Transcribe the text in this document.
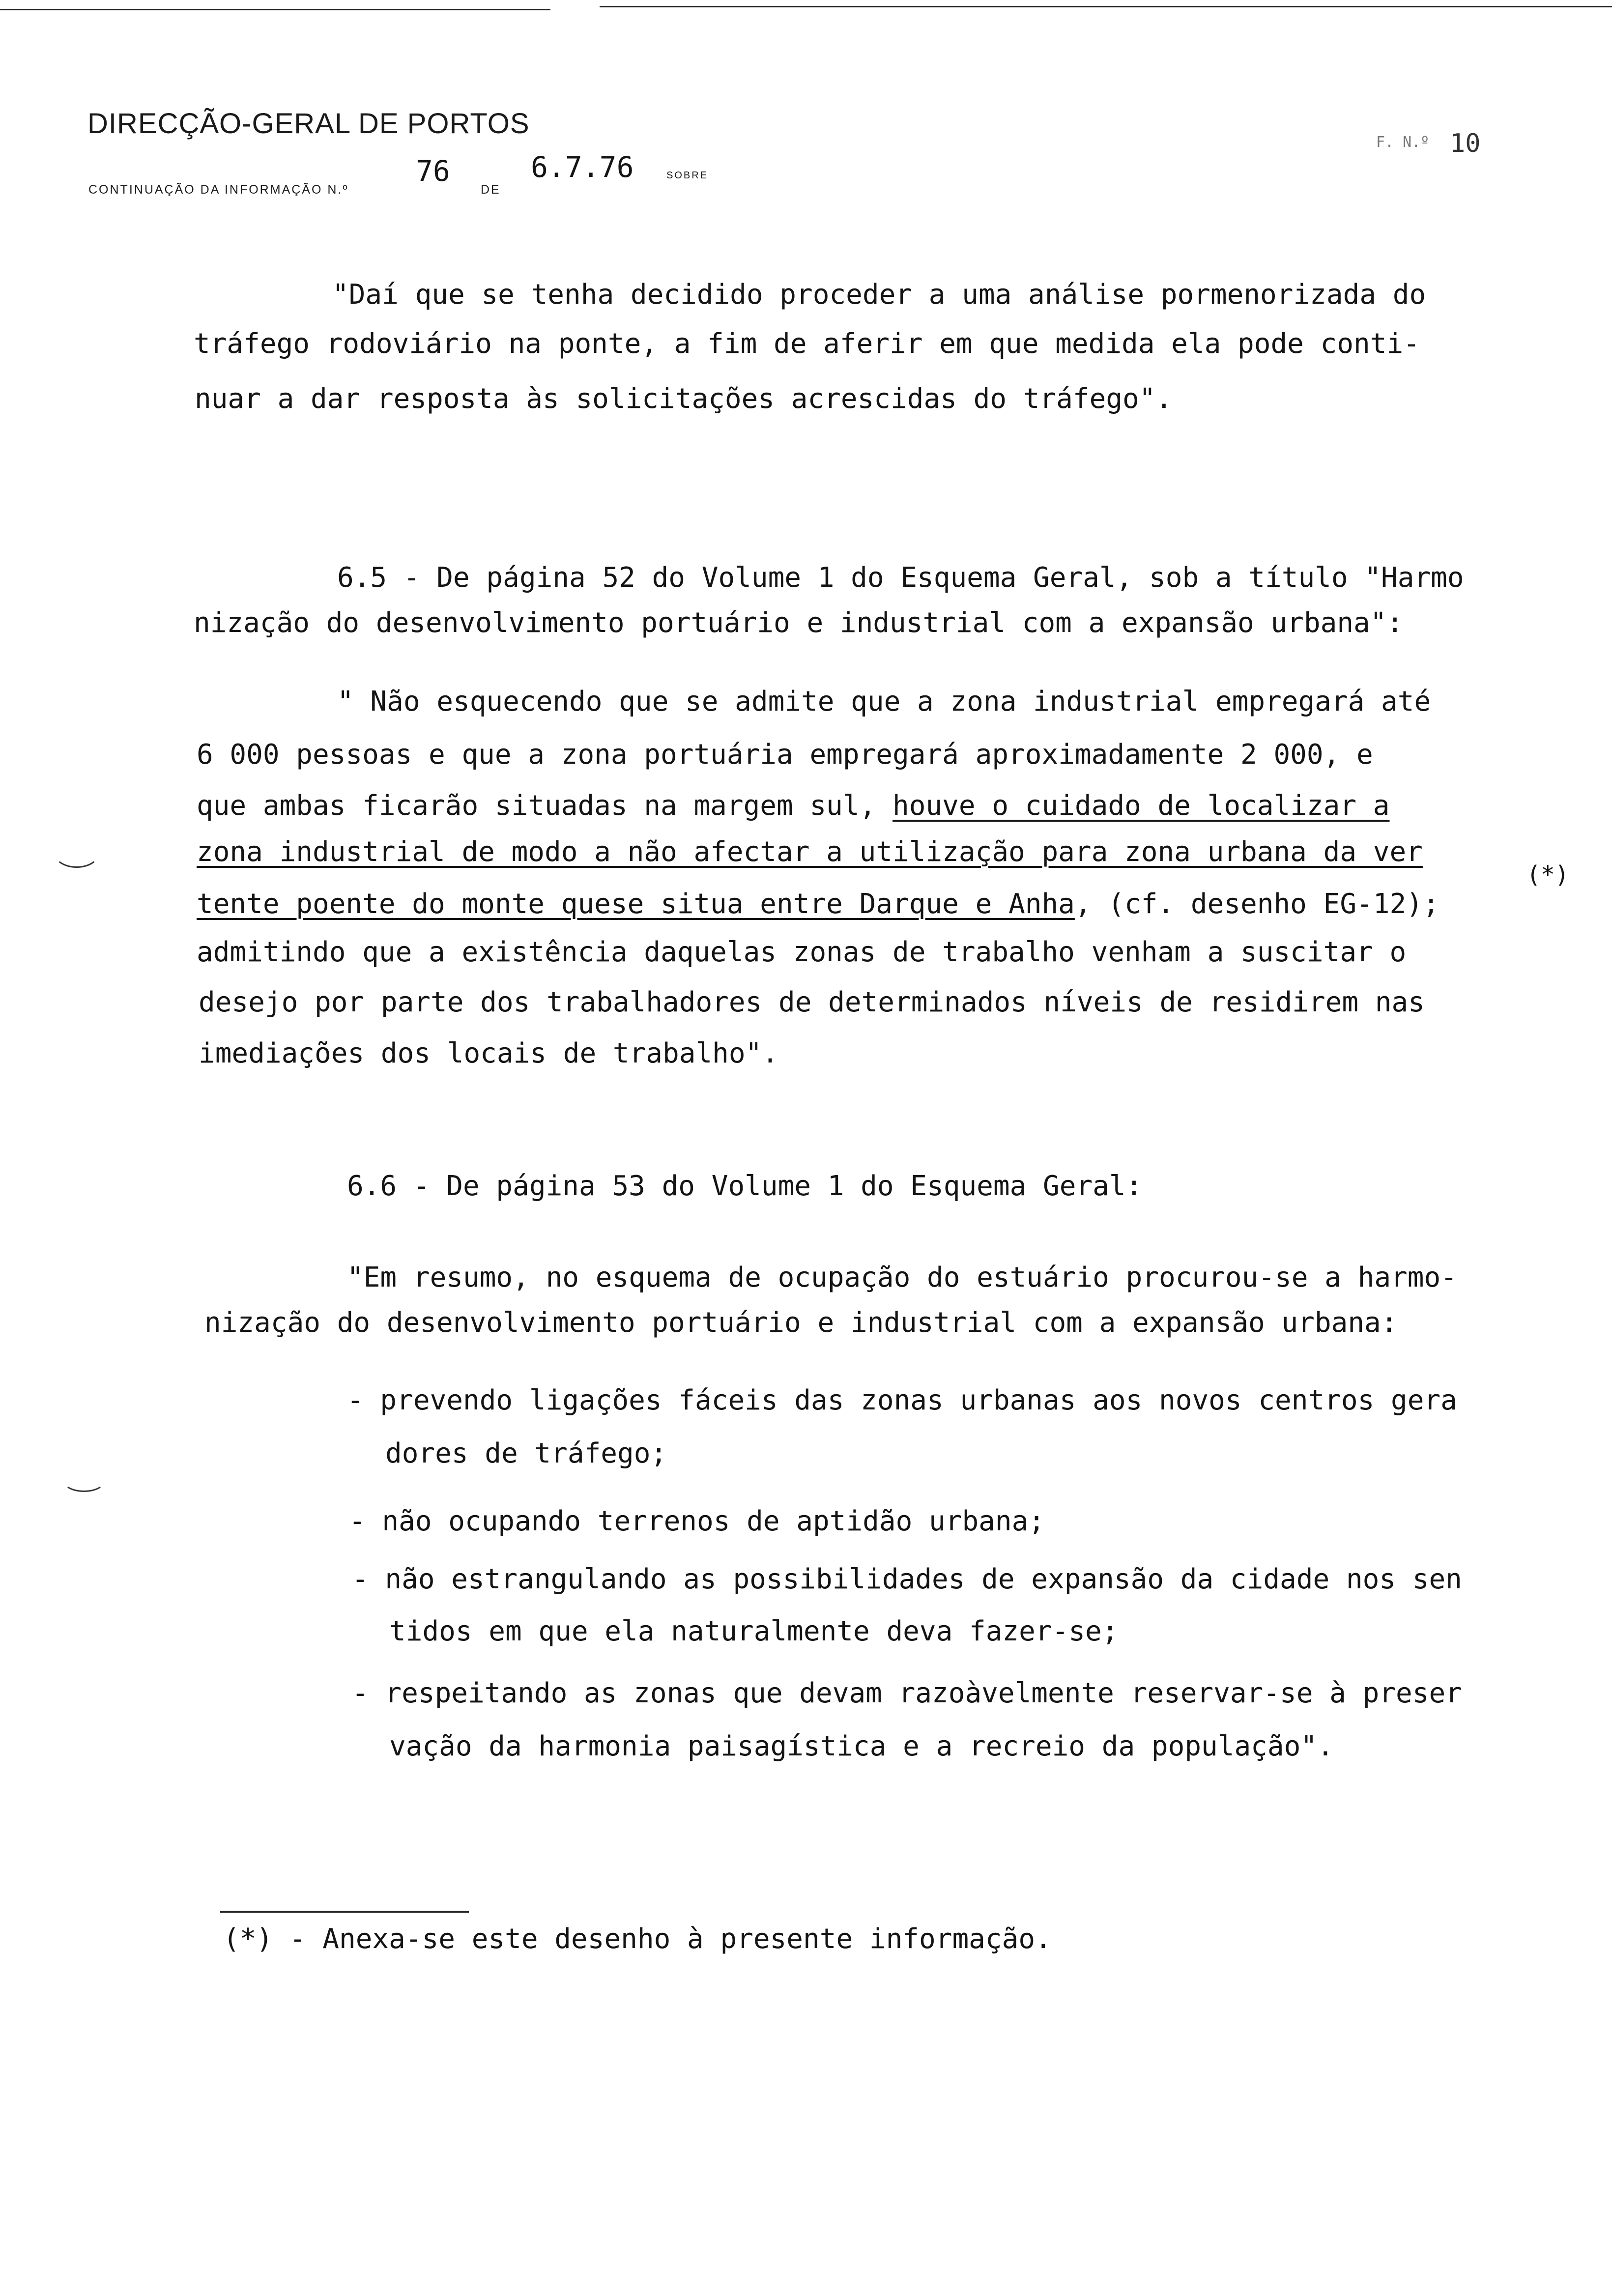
DIRECÇÃO-GERAL DE PORTOS
CONTINUAÇÃO DA INFORMAÇÃO N.º
76
DE
6.7.76	SOBRE
F. N.º 10
"Daí que se tenha decidido proceder a uma análise pormenorizada do
tráfego rodoviário na ponte, a fim de aferir em que medida ela pode conti-
nuar a dar resposta às solicitações acrescidas do tráfego".
6.5 - De página 52 do Volume 1 do Esquema Geral, sob a título "Harmo
nização do desenvolvimento portuário e industrial com a expansão urbana":
" Não esquecendo que se admite que a zona industrial empregará até
6 000 pessoas e que a zona portuária empregará aproximadamente 2 000, e
que ambas ficarão situadas na margem sul, houve o cuidado de localizar a
zona industrial de modo a não afectar a utilização para zona urbana da ver
tente poente do monte quese situa entre Darque e Anha, (cf. desenho EG-12);
(*)
admitindo que a existência daquelas zonas de trabalho venham a suscitar o
desejo por parte dos trabalhadores de determinados níveis de residirem nas
imediações dos locais de trabalho".
6.6 - De página 53 do Volume 1 do Esquema Geral:
"Em resumo, no esquema de ocupação do estuário procurou-se a harmo-
nização do desenvolvimento portuário e industrial com a expansão urbana:
- prevendo ligações fáceis das zonas urbanas aos novos centros gera
dores de tráfego;
- não ocupando terrenos de aptidão urbana;
- não estrangulando as possibilidades de expansão da cidade nos sen
tidos em que ela naturalmente deva fazer-se;
- respeitando as zonas que devam razoàvelmente reservar-se à preser
vação da harmonia paisagística e a recreio da população".
(*) - Anexa-se este desenho à presente informação.
